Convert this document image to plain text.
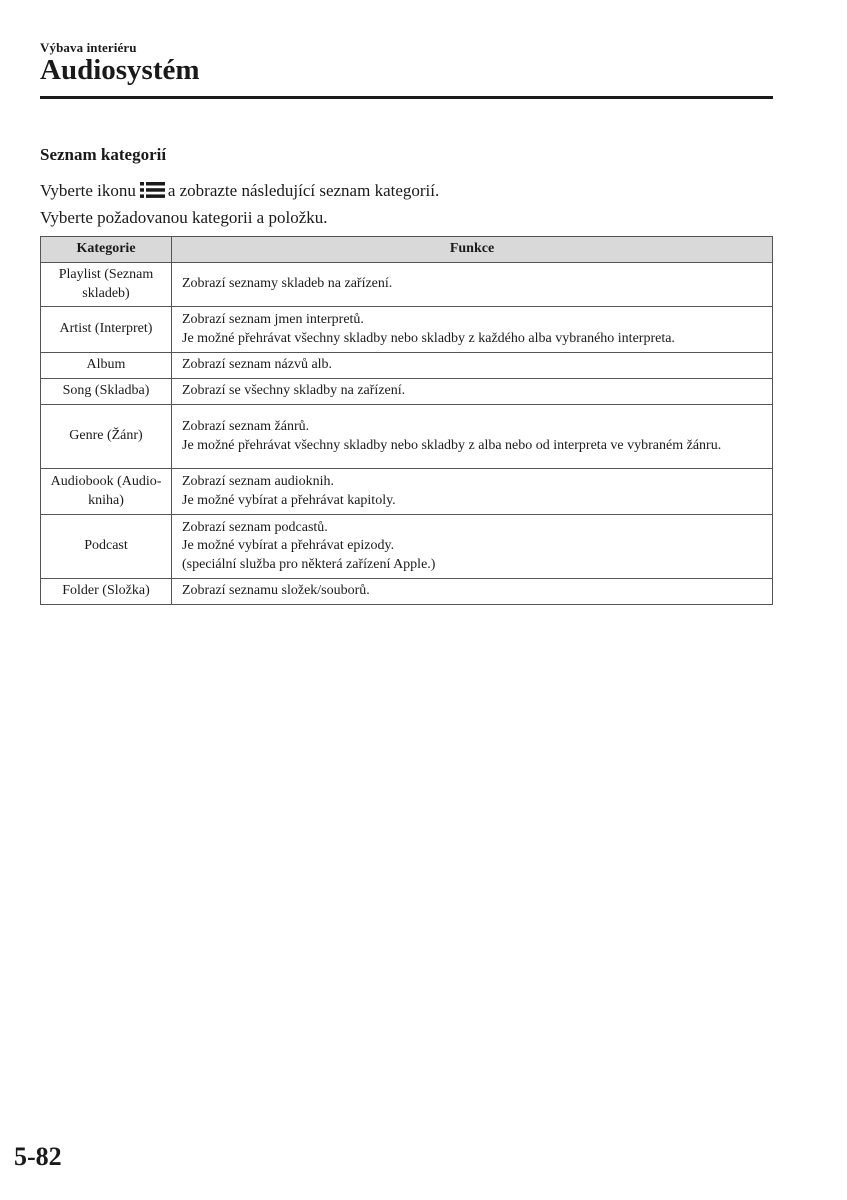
Výbava interiéru
Audiosystém
Seznam kategorií
Vyberte ikonu a zobrazte následující seznam kategorií.
Vyberte požadovanou kategorii a položku.
Kategorie	Funkce
Playlist (Seznam
skladeb)	Zobrazí seznamy skladeb na zařízení.

Artist (Interpret)	Zobrazí seznam jmen interpretů.
Je možné přehrávat všechny skladby nebo skladby z každého alba vybraného interpreta.

Album	Zobrazí seznam názvů alb.

Song (Skladba)	Zobrazí se všechny skladby na zařízení.

Genre (Žánr)	Zobrazí seznam žánrů.
Je možné přehrávat všechny skladby nebo skladby z alba nebo od interpreta ve vybraném žánru.

Audiobook (Audio-
kniha)	Zobrazí seznam audioknih.
Je možné vybírat a přehrávat kapitoly.

Podcast	Zobrazí seznam podcastů.
Je možné vybírat a přehrávat epizody.
(speciální služba pro některá zařízení Apple.)

Folder (Složka)	Zobrazí seznamu složek/souborů.
5-82
